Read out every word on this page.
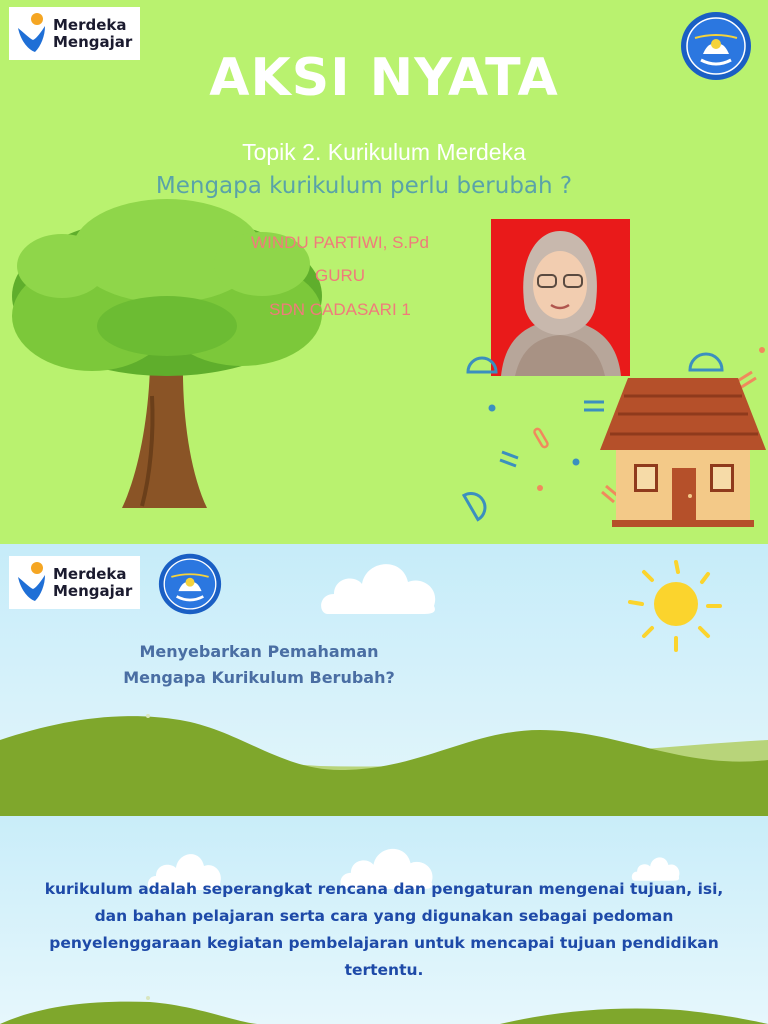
Merdeka
Mengajar
AKSI NYATA
Topik 2. Kurikulum Merdeka
Mengapa kurikulum perlu berubah ?
WINDU PARTIWI, S.Pd
GURU
SDN CADASARI 1
Merdeka
Mengajar
Menyebarkan Pemahaman
Mengapa Kurikulum Berubah?
kurikulum adalah seperangkat rencana dan pengaturan mengenai tujuan, isi,
dan bahan pelajaran serta cara yang digunakan sebagai pedoman
penyelenggaraan kegiatan pembelajaran untuk mencapai tujuan pendidikan
tertentu.
